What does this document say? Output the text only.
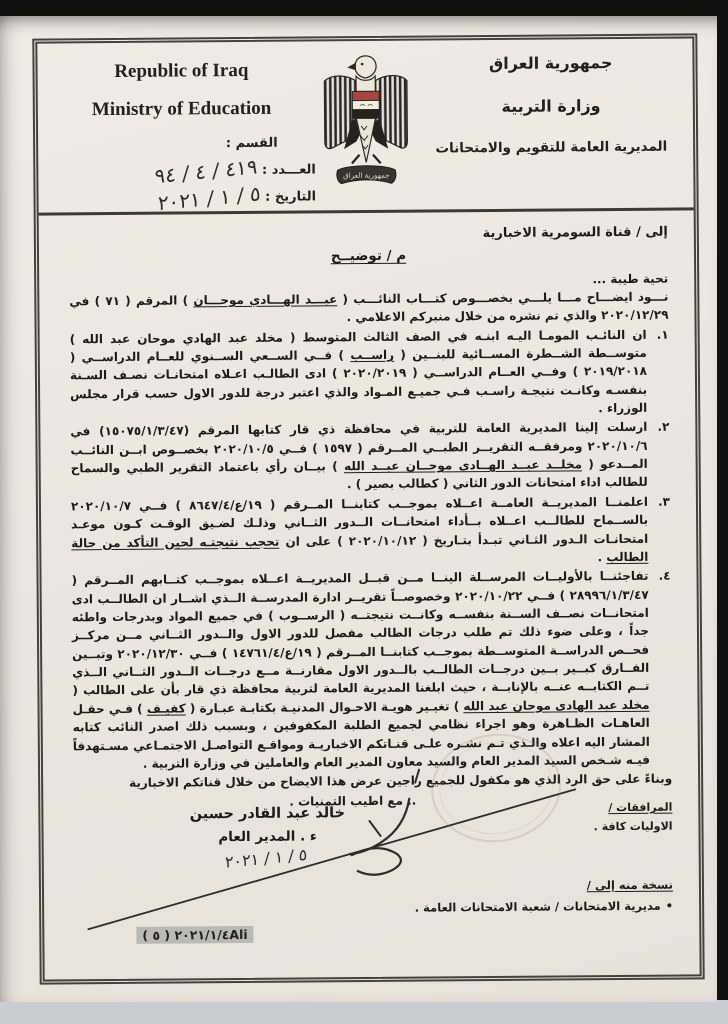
Republic of Iraq
Ministry of Education
القسم :
العـــدد :
٩٤ / ٤ / ٤١٩
التاريخ :
٢٠٢١ / ١ / ٥
جمهورية العراق
جمهورية العراق
وزارة التربية
المديرية العامة للتقويم والامتحانات
إلى / قناة السومرية الاخبارية
م / توضيــح
تحية طيبة ...

نـــود ايضـــاح مـــا يلـــي بخصـــوص كتـــاب النائـــب ( عبـــد الهـــادي موحـــان ) المرقم ( ٧١ ) في ٢٠٢٠/١٢/٢٩ والذي تم نشره من خلال منبركم الاعلامي .

١.
ان النائـب المومـا اليـه ابنـه في الصف الثالث المتوسط ( مخلد عبد الهادي موحان عبد الله ) متوســطة الشــطرة المســائية للبنــين ( راســب ) فــي الســعي الســنوي للعــام الدراســي ( ٢٠١٩/٢٠١٨ ) وفــي العــام الدراســي ( ٢٠٢٠/٢٠١٩ ) ادى الطالـب اعـلاه امتحانـات نصـف السـنة بنفسـه وكانـت نتيجـة راسـب فـي جميـع المـواد والذي اعتبر درجة للدور الاول حسب قرار مجلس الوزراء .
٢.
ارسلت إلينا المديرية العامة للتربية في محافظة ذي قار كتابها المرقم (١٥٠٧٥/١/٣/٤٧) في ٢٠٢٠/١٠/٦ ومرفقــه التقريــر الطبــي المــرقم ( ١٥٩٧ ) فــي ٢٠٢٠/١٠/٥ بخصــوص ابــن النائــب المــدعو ( مخلــد عبــد الهــادى موحــان عبــد الله ) بيــان رأي باعتماد التقرير الطبي والسماح للطالب اداء امتحانات الدور الثاني ( كطالب بصير ) .
٣.
اعلمنــا المديريــة العامــة اعــلاه بموجــب كتابنــا المــرقم ( ٨٦٤٧/٤/ع/١٩ ) فــي ٢٠٢٠/١٠/٧ بالســماح للطالــب اعــلاه بــأداء امتحانــات الــدور الثــاني وذلـك لضـيق الوقـت كـون موعـد امتحانـات الـدور الثـاني تبـدأ بتـاريخ ( ٢٠٢٠/١٠/١٢ ) على ان تحجب نتيجتـه لحين التأكد من حالة الطالب .
٤.
تفاجئنــا بالأوليــات المرســلة الينــا مــن قبــل المديريــة اعــلاه بموجــب كتــابهم المــرقم ( ٢٨٩٩٦/١/٣/٤٧ ) فــي ٢٠٢٠/١٠/٢٢ وخصوصــاً تقريــر ادارة المدرســة الــذي اشــار ان الطالــب ادى امتحانــات نصــف الســنة بنفســه وكانــت نتيجتــه ( الرســوب ) في جميع المواد وبدرجات واطئه جداً ، وعلى ضوء ذلك تم طلب درجات الطالب مفصل للدور الاول والــدور الثــاني مــن مركــز فحــص الدراســة المتوســطة بموجــب كتابنــا المــرقم ( ١٤٧٦١/٤/ع/١٩ ) فــي ٢٠٢٠/١٢/٣٠ وتبــين الفــارق كبــير بــين درجــات الطالــب بالــدور الاول مقارنــة مــع درجــات الــدور الثــاني الــذي تــم الكتابــه عنــه بالإنابــة ، حيث ابلغنا المديرية العامة لتربية محافظة ذي قار بأن على الطالب ( مخلد عبد الهادى موحان عبد الله ) تغيـير هويـة الاحـوال المدنيـة بكتابـة عبـارة ( كفيـف ) فـي حقـل العاهـات الظـاهرة وهو اجراء نظامي لجميع الطلبة المكفوفين ، وبسبب ذلك اصدر النائب كتابه المشار اليه اعلاه والـذي تـم نشـره علـى قنـاتكم الاخباريـة ومواقـع التواصـل الاجتمـاعي مسـتهدفاً فيـه شـخص السيد المدير العام والسيد معاون المدير العام والعاملين في وزارة التربية .

وبناءً على حق الرد الذي هو مكفول للجميع راجين عرض هذا الايضاح من خلال قناتكم الاخبارية

.. مع اطيب التمنيات .	المرافقات /
الاوليات كافة .
خالد عبد القادر حسين
ء . المدير العام
٢٠٢١ / ١ / ٥
نسخة منه إلى /
•
مديرية الامتحانات / شعبة الامتحانات العامة .
( ٥ ) ٢٠٢١/١/٤Ali
